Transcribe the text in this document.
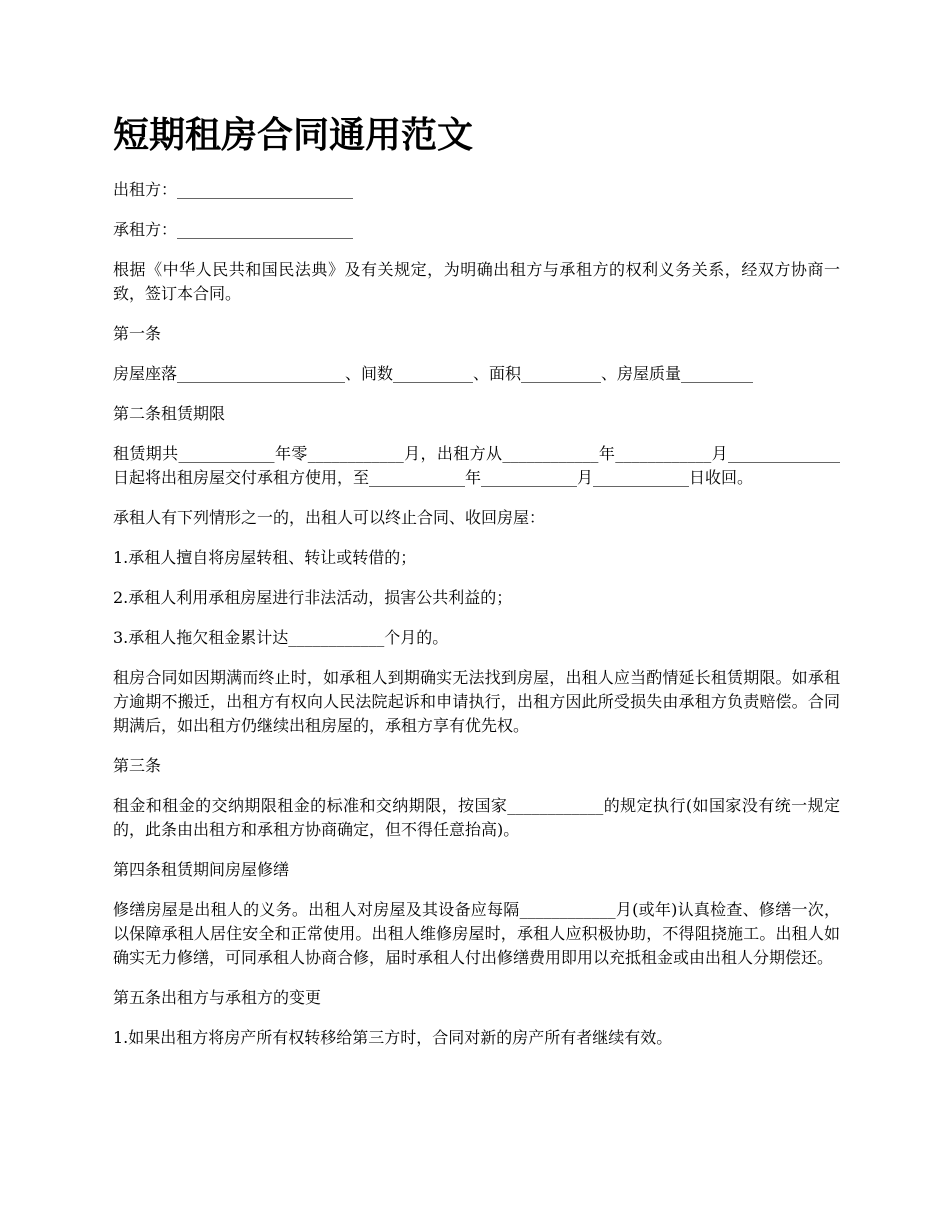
短期租房合同通用范文

出租方：______________________

承租方：______________________

根据《中华人民共和国民法典》及有关规定，为明确出租方与承租方的权利义务关系，经双方协商一致，签订本合同。

第一条

房屋座落_____________________、间数__________、面积__________、房屋质量_________

第二条租赁期限

租赁期共____________年零____________月，出租方从____________年____________月______________日起将出租房屋交付承租方使用，至____________年____________月____________日收回。

承租人有下列情形之一的，出租人可以终止合同、收回房屋：

1.承租人擅自将房屋转租、转让或转借的；

2.承租人利用承租房屋进行非法活动，损害公共利益的；

3.承租人拖欠租金累计达____________个月的。

租房合同如因期满而终止时，如承租人到期确实无法找到房屋，出租人应当酌情延长租赁期限。如承租方逾期不搬迁，出租方有权向人民法院起诉和申请执行，出租方因此所受损失由承租方负责赔偿。合同期满后，如出租方仍继续出租房屋的，承租方享有优先权。

第三条

租金和租金的交纳期限租金的标准和交纳期限，按国家____________的规定执行(如国家没有统一规定的，此条由出租方和承租方协商确定，但不得任意抬高)。

第四条租赁期间房屋修缮

修缮房屋是出租人的义务。出租人对房屋及其设备应每隔____________月(或年)认真检查、修缮一次，以保障承租人居住安全和正常使用。出租人维修房屋时，承租人应积极协助，不得阻挠施工。出租人如确实无力修缮，可同承租人协商合修，届时承租人付出修缮费用即用以充抵租金或由出租人分期偿还。

第五条出租方与承租方的变更

1.如果出租方将房产所有权转移给第三方时，合同对新的房产所有者继续有效。
